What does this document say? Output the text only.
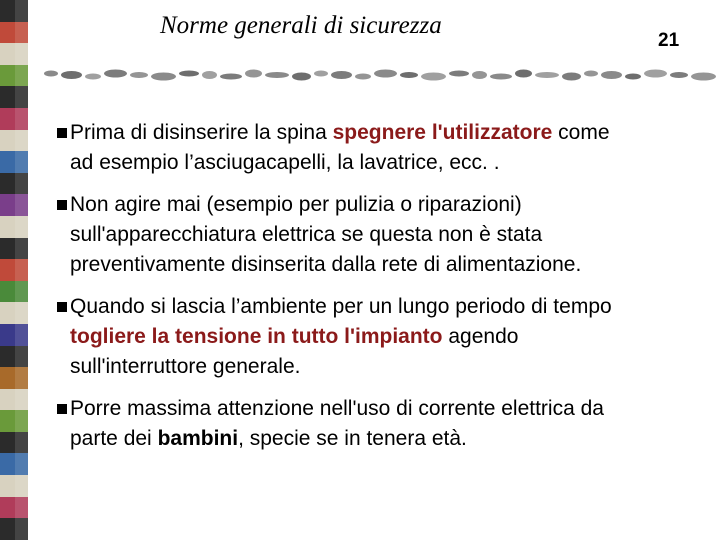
Norme generali di sicurezza
21
Prima di disinserire la spina spegnere l'utilizzatore come
ad esempio l’asciugacapelli, la lavatrice, ecc. .
Non agire mai (esempio per pulizia o riparazioni)
sull'apparecchiatura elettrica se questa non è stata
preventivamente disinserita dalla rete di alimentazione.
Quando si lascia l’ambiente per un lungo periodo di tempo
togliere la tensione in tutto l'impianto agendo
sull'interruttore generale.
Porre massima attenzione nell'uso di corrente elettrica da
parte dei bambini, specie se in tenera età.
